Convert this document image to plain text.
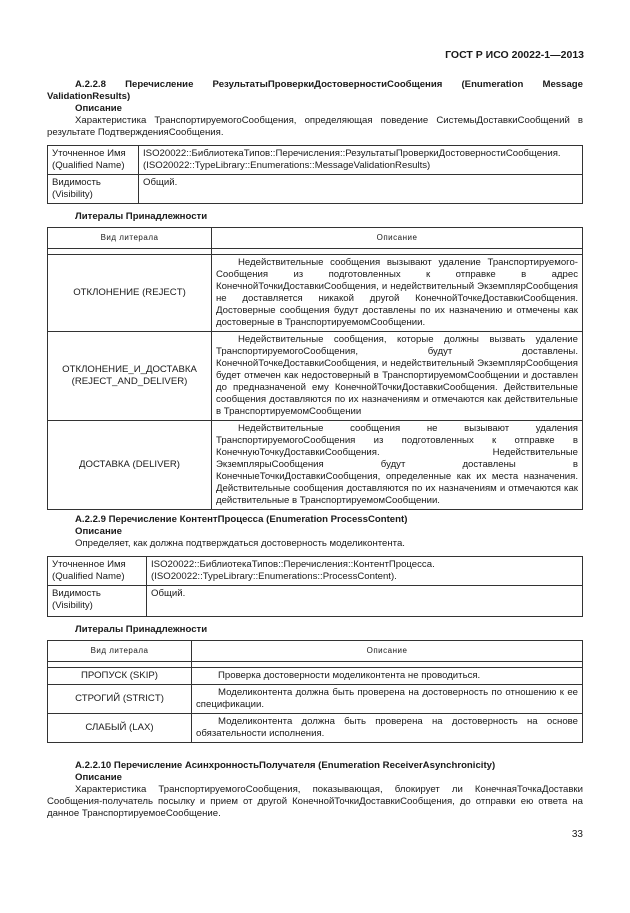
ГОСТ Р ИСО 20022-1—2013

A.2.2.8 Перечисление РезультатыПроверкиДостоверностиСообщения (Enumeration Message ValidationResults)

Описание

Характеристика ТранспортируемогоСообщения, определяющая поведение СистемыДоставкиСообщений в результате ПодтвержденияСообщения.

Уточненное Имя (Qualified Name)	ISO20022::БиблиотекаТипов::Перечисления::РезультатыПроверкиДостоверностиСообщения. (ISO20022::TypeLibrary::Enumerations::MessageValidationResults)
Видимость (Visibility)	Общий.

Литералы Принадлежности

Вид литерала	Описание

ОТКЛОНЕНИЕ (REJECT)	Недействительные сообщения вызывают удаление Транспортируемого-Сообщения из подготовленных к отправке в адрес КонечнойТочкиДоставкиСообщения, и недействительный ЭкземплярСообщения не доставляется никакой другой КонечнойТочкеДоставкиСообщения. Достоверные сообщения будут доставлены по их назначению и отмечены как достоверные в ТранспортируемомСообщении.
ОТКЛОНЕНИЕ_И_ДОСТАВКА (REJECT_AND_DELIVER)	Недействительные сообщения, которые должны вызвать удаление ТранспортируемогоСообщения, будут доставлены. КонечнойТочкеДоставкиСообщения, и недействительный ЭкземплярСообщения будет отмечен как недостоверный в ТранспортируемомСообщении и доставлен до предназначеной ему КонечнойТочкиДоставкиСообщения. Действительные сообщения доставляются по их назначениям и отмечаются как действительные в ТранспортируемомСообщении
ДОСТАВКА (DELIVER)	Недействительные сообщения не вызывают удаления ТранспортируемогоСообщения из подготовленных к отправке в КонечнуюТочкуДоставкиСообщения. Недействительные ЭкземплярыСообщения будут доставлены в КонечныеТочкиДоставкиСообщения, определенные как их места назначения. Действительные сообщения доставляются по их назначениям и отмечаются как действительные в ТранспортируемомСообщении.

A.2.2.9 Перечисление КонтентПроцесса (Enumeration ProcessContent)

Описание

Определяет, как должна подтверждаться достоверность моделиконтента.

Уточненное Имя (Qualified Name)	ISO20022::БиблиотекаТипов::Перечисления::КонтентПроцесса. (ISO20022::TypeLibrary::Enumerations::ProcessContent).
Видимость (Visibility)	Общий.

Литералы Принадлежности

Вид литерала	Описание

ПРОПУСК (SKIP)	Проверка достоверности моделиконтента не проводиться.
СТРОГИЙ (STRICT)	Моделиконтента должна быть проверена на достоверность по отношению к ее спецификации.
СЛАБЫЙ (LAX)	Моделиконтента должна быть проверена на достоверность на основе обязательности исполнения.

A.2.2.10 Перечисление АсинхронностьПолучателя (Enumeration ReceiverAsynchronicity)

Описание

Характеристика ТранспортируемогоСообщения, показывающая, блокирует ли КонечнаяТочкаДоставки Сообщения-получатель посылку и прием от другой КонечнойТочкиДоставкиСообщения, до отправки ею ответа на данное ТранспортируемоеСообщение.

33
